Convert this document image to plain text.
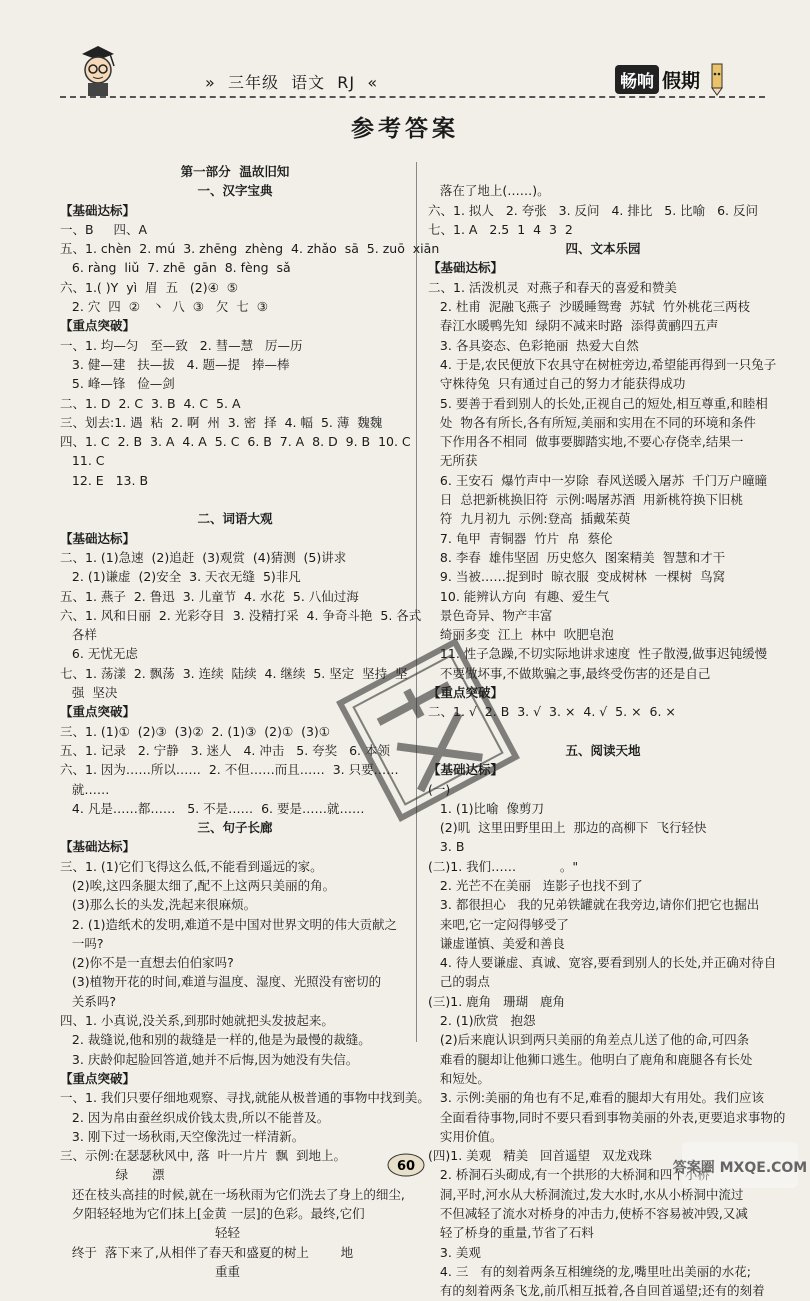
»  三年级  语文  RJ  «	畅响 假期
参考答案
第一部分  温故旧知
一、汉字宝典
【基础达标】
一、B     四、A
五、1. chèn  2. mú  3. zhēng  zhèng  4. zhǎo  sā  5. zuō  xiān
6. ràng  liǔ  7. zhē  gān  8. fèng  sǎ
六、1.( )Y  yì  眉  五   (2)④  ⑤
2. 穴  四  ②   丶  八  ③   欠  七  ③
【重点突破】
一、1. 均—匀   至—致   2. 彗—慧   厉—历
3. 健—建   扶—拔   4. 题—提   捧—棒
5. 峰—锋   俭—剑
二、1. D  2. C  3. B  4. C  5. A
三、划去:1. 遇  粘  2. 啊  州  3. 密  择  4. 幅  5. 薄  魏魏
四、1. C  2. B  3. A  4. A  5. C  6. B  7. A  8. D  9. B  10. C
11. C
12. E   13. B
二、词语大观
【基础达标】
二、1. (1)急速  (2)追赶  (3)观赏  (4)猜测  (5)讲求
2. (1)谦虚  (2)安全  3. 天衣无缝  5)非凡
五、1. 燕子  2. 鲁迅  3. 儿童节  4. 水花  5. 八仙过海
六、1. 风和日丽  2. 光彩夺目  3. 没精打采  4. 争奇斗艳  5. 各式
各样
6. 无忧无虑
七、1. 荡漾  2. 飘荡  3. 连续  陆续  4. 继续  5. 坚定  坚持  坚
强  坚决
【重点突破】
三、1. (1)①  (2)③  (3)②  2. (1)③  (2)①  (3)①
五、1. 记录   2. 宁静   3. 迷人   4. 冲击   5. 夸奖   6. 本领
六、1. 因为……所以……  2. 不但……而且……  3. 只要……
就……
4. 凡是……都……   5. 不是……  6. 要是……就……
三、句子长廊
【基础达标】
三、1. (1)它们飞得这么低,不能看到遥远的家。
(2)唉,这四条腿太细了,配不上这两只美丽的角。
(3)那么长的头发,洗起来很麻烦。
2. (1)造纸术的发明,难道不是中国对世界文明的伟大贡献之
一吗?
(2)你不是一直想去伯伯家吗?
(3)植物开花的时间,难道与温度、湿度、光照没有密切的
关系吗?
四、1. 小真说,没关系,到那时她就把头发披起来。
2. 裁缝说,他和别的裁缝是一样的,他是为最慢的裁缝。
3. 庆龄仰起脸回答道,她并不后悔,因为她没有失信。
【重点突破】
一、1. 我们只要仔细地观察、寻找,就能从极普通的事物中找到美。
2. 因为帛由蚕丝织成价钱太贵,所以不能普及。
3. 刚下过一场秋雨,天空像洗过一样清新。
三、示例:在瑟瑟秋风中, 落  叶一片片  飘  到地上。
绿      漂
还在枝头高挂的时候,就在一场秋雨为它们洗去了身上的细尘,
夕阳轻轻地为它们抹上[金黄 一层]的色彩。最终,它们
轻轻
终于  落下来了,从相伴了春天和盛夏的树上        地
重重
落在了地上(……)。
六、1. 拟人   2. 夸张   3. 反问   4. 排比   5. 比喻   6. 反问
七、1. A   2.5  1  4  3  2
四、文本乐园
【基础达标】
二、1. 活泼机灵  对燕子和春天的喜爱和赞美
2. 杜甫  泥融飞燕子  沙暖睡鸳鸯  苏轼  竹外桃花三两枝
春江水暖鸭先知  绿阴不减来时路  添得黄鹂四五声
3. 各具姿态、色彩艳丽  热爱大自然
4. 于是,农民便放下农具守在树桩旁边,希望能再得到一只兔子
守株待兔  只有通过自己的努力才能获得成功
5. 要善于看到别人的长处,正视自己的短处,相互尊重,和睦相
处  物各有所长,各有所短,美丽和实用在不同的环境和条件
下作用各不相同  做事要脚踏实地,不要心存侥幸,结果一
无所获
6. 王安石  爆竹声中一岁除  春风送暖入屠苏  千门万户曈曈
日  总把新桃换旧符  示例:喝屠苏酒  用新桃符换下旧桃
符  九月初九  示例:登高  插戴茱萸
7. 龟甲  青铜器  竹片  帛  蔡伦
8. 李春  雄伟坚固  历史悠久  图案精美  智慧和才干
9. 当被……捉到时  晾衣服  变成树林  一棵树  鸟窝
10. 能辨认方向  有趣、爱生气
景色奇异、物产丰富
绮丽多变  江上  林中  吹肥皂泡
11. 性子急躁,不切实际地讲求速度  性子散漫,做事迟钝缓慢
不要做坏事,不做欺骗之事,最终受伤害的还是自己
【重点突破】
二、1. √  2. B  3. √  3. ×  4. √  5. ×  6. ×
五、阅读天地
【基础达标】
(一)
1. (1)比喻  像剪刀
(2)叽  这里田野里田上  那边的高柳下  飞行轻快
3. B
(二)1. 我们……           。"
2. 光芒不在美丽   连影子也找不到了
3. 都很担心   我的兄弟铁罐就在我旁边,请你们把它也掘出
来吧,它一定闷得够受了
谦虚谨慎、美爱和善良
4. 待人要谦虚、真诚、宽容,要看到别人的长处,并正确对待自
己的弱点
(三)1. 鹿角   珊瑚   鹿角
2. (1)欣赏   抱怨
(2)后来鹿认识到两只美丽的角差点儿送了他的命,可四条
难看的腿却让他狮口逃生。他明白了鹿角和鹿腿各有长处
和短处。
3. 示例:美丽的角也有不足,难看的腿却大有用处。我们应该
全面看待事物,同时不要只看到事物美丽的外表,更要追求事物的
实用价值。
(四)1. 美观   精美   回首遥望   双龙戏珠
2. 桥洞石头砌成,有一个拱形的大桥洞和四个小桥
洞,平时,河水从大桥洞流过,发大水时,水从小桥洞中流过
不但减轻了流水对桥身的冲击力,使桥不容易被冲毁,又减
轻了桥身的重量,节省了石料
3. 美观
4. 三   有的刻着两条互相缠绕的龙,嘴里吐出美丽的水花;
有的刻着两条飞龙,前爪相互抵着,各自回首遥望;还有的刻着
60	答案圈 MXQE.COM
